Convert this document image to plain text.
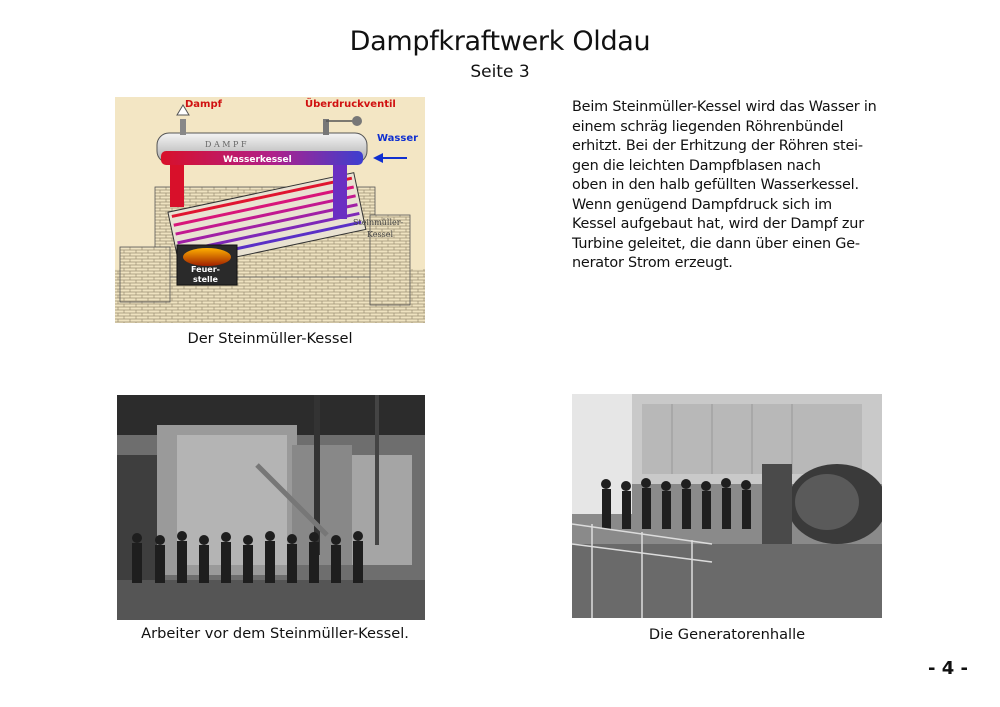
Dampfkraftwerk Oldau
Seite 3
Dampf	Überdruckventil
Wasser
D A M P F
Wasserkessel
Steinmüller-
Kessel
Feuer-
stelle
Der Steinmüller-Kessel
Beim Steinmüller-Kessel wird das Wasser in
einem schräg liegenden Röhrenbündel
erhitzt. Bei der Erhitzung der Röhren stei-
gen die leichten Dampfblasen nach
oben in den halb gefüllten Wasserkessel.
Wenn genügend Dampfdruck sich im
Kessel aufgebaut hat, wird der Dampf zur
Turbine geleitet, die dann über einen Ge-
nerator Strom erzeugt.
Arbeiter vor dem Steinmüller-Kessel.	Die Generatorenhalle
- 4 -
